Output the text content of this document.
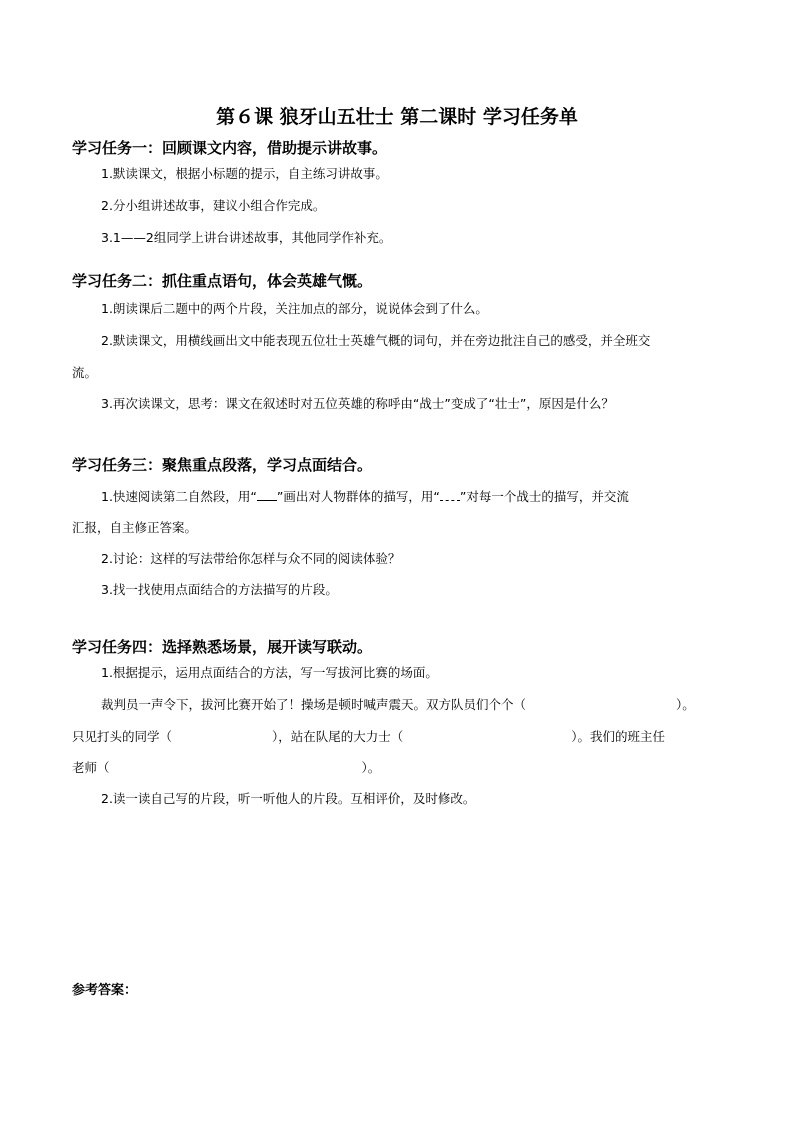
第６课 狼牙山五壮士 第二课时 学习任务单
学习任务一：回顾课文内容，借助提示讲故事。
1.默读课文，根据小标题的提示，自主练习讲故事。
2.分小组讲述故事，建议小组合作完成。
3.1——2组同学上讲台讲述故事，其他同学作补充。
学习任务二：抓住重点语句，体会英雄气慨。
1.朗读课后二题中的两个片段，关注加点的部分，说说体会到了什么。
2.默读课文，用横线画出文中能表现五位壮士英雄气概的词句，并在旁边批注自己的感受，并全班交
流。
3.再次读课文，思考：课文在叙述时对五位英雄的称呼由“战士”变成了“壮士”，原因是什么？
学习任务三：聚焦重点段落，学习点面结合。
1.快速阅读第二自然段，用“ ”画出对人物群体的描写，用“ ”对每一个战士的描写，并交流
汇报，自主修正答案。
2.讨论：这样的写法带给你怎样与众不同的阅读体验？
3.找一找使用点面结合的方法描写的片段。
学习任务四：选择熟悉场景，展开读写联动。
1.根据提示，运用点面结合的方法，写一写拔河比赛的场面。
裁判员一声令下，拔河比赛开始了！操场是顿时喊声震天。双方队员们个个（	）。
只见打头的同学（	），站在队尾的大力士（	）。我们的班主任
老师（	）。
2.读一读自己写的片段，听一听他人的片段。互相评价，及时修改。
参考答案：
